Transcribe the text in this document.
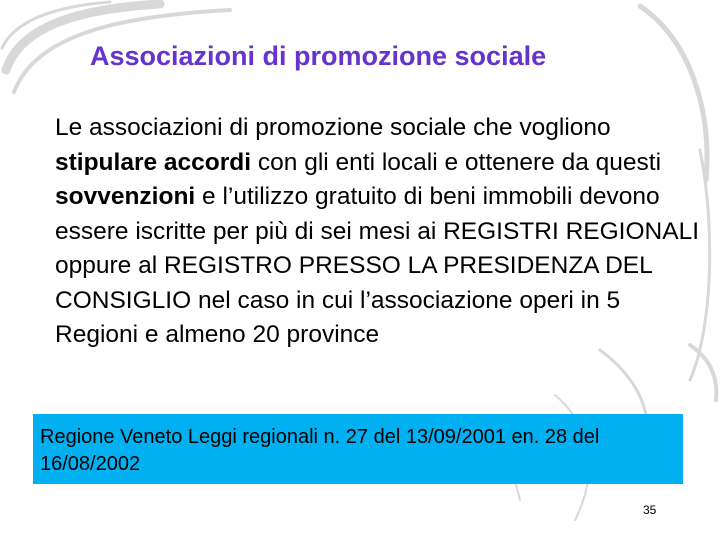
Associazioni di promozione sociale
Le associazioni di promozione sociale che vogliono stipulare accordi con gli enti locali e ottenere da questi sovvenzioni e l’utilizzo gratuito di beni immobili devono essere iscritte per più di sei mesi ai REGISTRI REGIONALI oppure al REGISTRO PRESSO LA PRESIDENZA DEL CONSIGLIO nel caso in cui l’associazione operi in 5 Regioni e almeno 20 province
Regione Veneto Leggi regionali n. 27 del 13/09/2001 en. 28 del 16/08/2002
35
